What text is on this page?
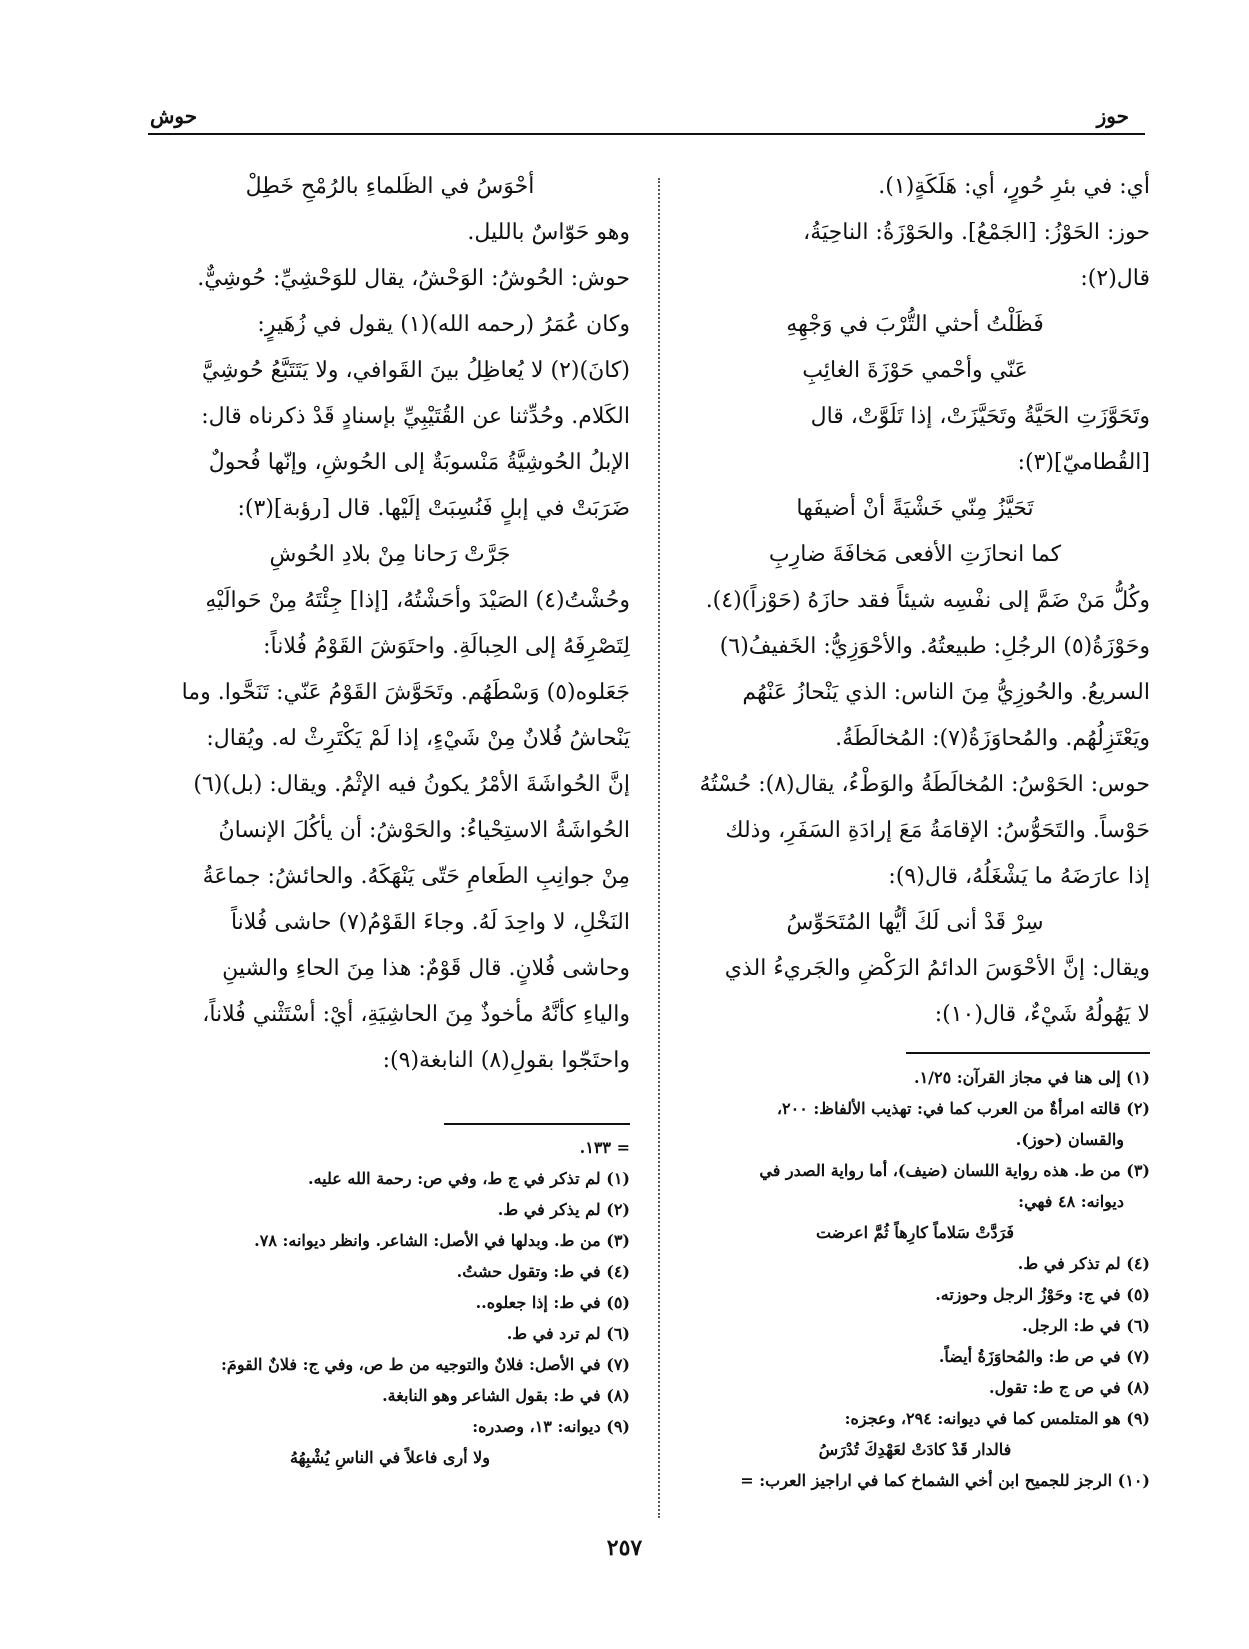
حوز
حوش

أي: في بئرِ حُورٍ، أي: هَلَكَةٍ(١).

حوز: الحَوْزُ: [الجَمْعُ]. والحَوْزَةُ: الناحِيَةُ،

قال(٢):

فَظَلْتُ أحثي التُّرْبَ في وَجْهِهِ

عَنّي وأحْمي حَوْزَةَ الغائِبِ

وتَحَوَّزَتِ الحَيَّةُ وتَحَيَّزَتْ، إذا تَلَوَّتْ، قال

[القُطاميّ](٣):

تَحَيَّزُ مِنّي خَشْيَةً أنْ أضيفَها

كما انحازَتِ الأفعى مَخافَةَ ضارِبِ

وكُلُّ مَنْ ضَمَّ إلى نفْسِه شيئاً فقد حازَهُ (حَوْزاً)(٤).

وحَوْزَةُ(٥) الرجُلِ: طبيعتُهُ. والأحْوَزِيُّ: الخَفيفُ(٦)

السريعُ. والحُوزِيُّ مِنَ الناس: الذي يَنْحازُ عَنْهُم

ويَعْتَزِلُهُم. والمُحاوَزَةُ(٧): المُخالَطَةُ.

حوس: الحَوْسُ: المُخالَطَةُ والوَطْءُ، يقال(٨): حُسْتُهُ

حَوْساً. والتَحَوُّسُ: الإقامَةُ مَعَ إرادَةِ السَفَرِ، وذلك

إذا عارَضَهُ ما يَشْغَلُهُ، قال(٩):

سِرْ قَدْ أنى لَكَ أيُّها المُتَحَوِّسُ

ويقال: إنَّ الأحْوَسَ الدائمُ الرَكْضِ والجَريءُ الذي

لا يَهُولُهُ شَيْءٌ، قال(١٠):

أحْوَسُ في الظَلماءِ بالرُمْحِ خَطِلْ

وهو حَوّاسٌ بالليل.

حوش: الحُوشُ: الوَحْشُ، يقال للوَحْشِيِّ: حُوشِيٌّ.

وكان عُمَرُ (رحمه الله)(١) يقول في زُهَيرٍ:

(كانَ)(٢) لا يُعاظِلُ بينَ القَوافي، ولا يَتَتَبَّعُ حُوشِيَّ

الكَلام. وحُدِّثنا عن القُتَيْبِيِّ بإسنادٍ قَدْ ذكرناه قال:

الإبلُ الحُوشِيَّةُ مَنْسوبَةٌ إلى الحُوشِ، وإنّها فُحولٌ

ضَرَبَتْ في إبلٍ فَنُسِبَتْ إلَيْها. قال [رؤبة](٣):

جَرَّتْ رَحانا مِنْ بلادِ الحُوشِ

وحُشْتُ(٤) الصَيْدَ وأحَشْتُهُ، [إذا] جِئْتَهُ مِنْ حَوالَيْهِ

لِتَصْرِفَهُ إلى الحِبالَةِ. واحتَوَشَ القَوْمُ فُلاناً:

جَعَلوه(٥) وَسْطَهُم. وتَحَوَّشَ القَوْمُ عَنّي: تَنَحَّوا. وما

يَنْحاشُ فُلانٌ مِنْ شَيْءٍ، إذا لَمْ يَكْتَرِثْ له. ويُقال:

إنَّ الحُواشَةَ الأمْرُ يكونُ فيه الإثْمُ. ويقال: (بل)(٦)

الحُواشَةُ الاستِحْياءُ: والحَوْشُ: أن يأكُلَ الإنسانُ

مِنْ جوانِبِ الطَعامِ حَتّى يَنْهَكَهُ. والحائشُ: جماعَةُ

النَخْلِ، لا واحِدَ لَهُ. وجاءَ القَوْمُ(٧) حاشى فُلاناً

وحاشى فُلانٍ. قال قَوْمٌ: هذا مِنَ الحاءِ والشينِ

والياءِ كأنَّهُ مأخوذٌ مِنَ الحاشِيَةِ، أيْ: أسْتَثْني فُلاناً،

واحتَجّوا بقولِ(٨) النابغة(٩):

(١) إلى هنا في مجاز القرآن: ١/٢٥.

(٢) قالته امرأةٌ من العرب كما في: تهذيب الألفاظ: ٢٠٠،

والقسان (حوز).

(٣) من ط. هذه رواية اللسان (ضيف)، أما رواية الصدر في

ديوانه: ٤٨ فهي:

فَرَدَّتْ سَلاماً كارِهاً ثُمَّ اعرضت

(٤) لم تذكر في ط.

(٥) في ج: وحَوْزُ الرجل وحوزته.

(٦) في ط: الرجل.

(٧) في ص ط: والمُحاوَزَةُ أيضاً.

(٨) في ص ج ط: تقول.

(٩) هو المتلمس كما في ديوانه: ٢٩٤، وعجزه:

فالدار قَدْ كادَتْ لعَهْدِكَ تُدْرَسُ

(١٠) الرجز للجميح ابن أخي الشماخ كما في اراجيز العرب: =

= ١٣٣.

(١) لم تذكر في ج ط، وفي ص: رحمة الله عليه.

(٢) لم يذكر في ط.

(٣) من ط. وبدلها في الأصل: الشاعر. وانظر ديوانه: ٧٨.

(٤) في ط: وتقول حشتُ.

(٥) في ط: إذا جعلوه..

(٦) لم ترد في ط.

(٧) في الأصل: فلانٌ والتوجيه من ط ص، وفي ج: فلانٌ القومَ:

(٨) في ط: بقول الشاعر وهو النابغة.

(٩) ديوانه: ١٣، وصدره:

ولا أرى فاعلاً في الناسِ يُشْبِهُهُ

٢٥٧
